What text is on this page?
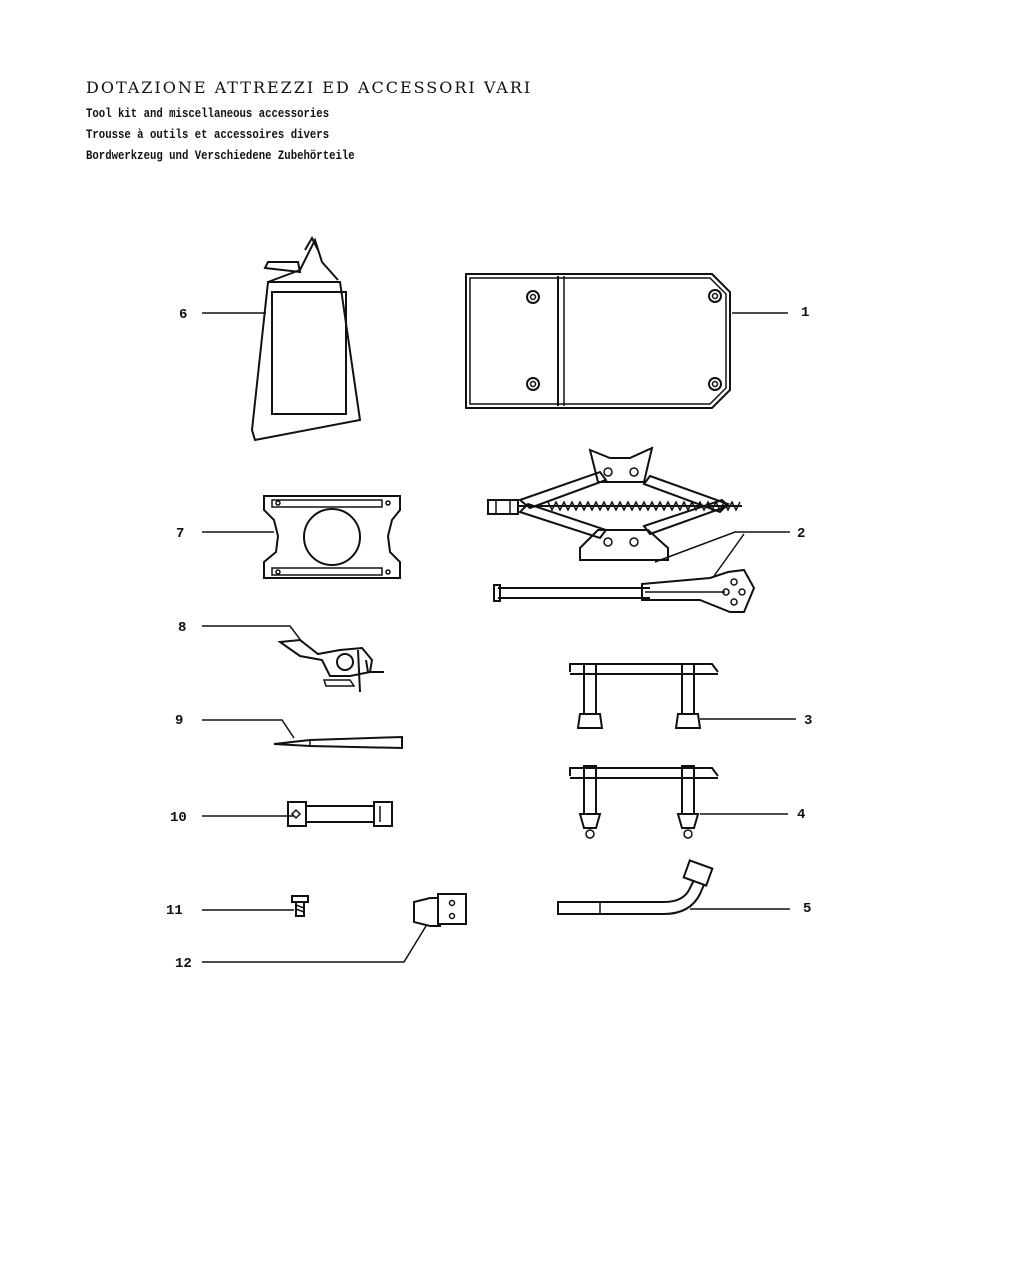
DOTAZIONE ATTREZZI ED ACCESSORI VARI
Tool kit and miscellaneous accessories
Trousse à outils et accessoires divers
Bordwerkzeug und Verschiedene Zubehörteile
6	1
2
7
8
9	3
10	4
11	5
12
